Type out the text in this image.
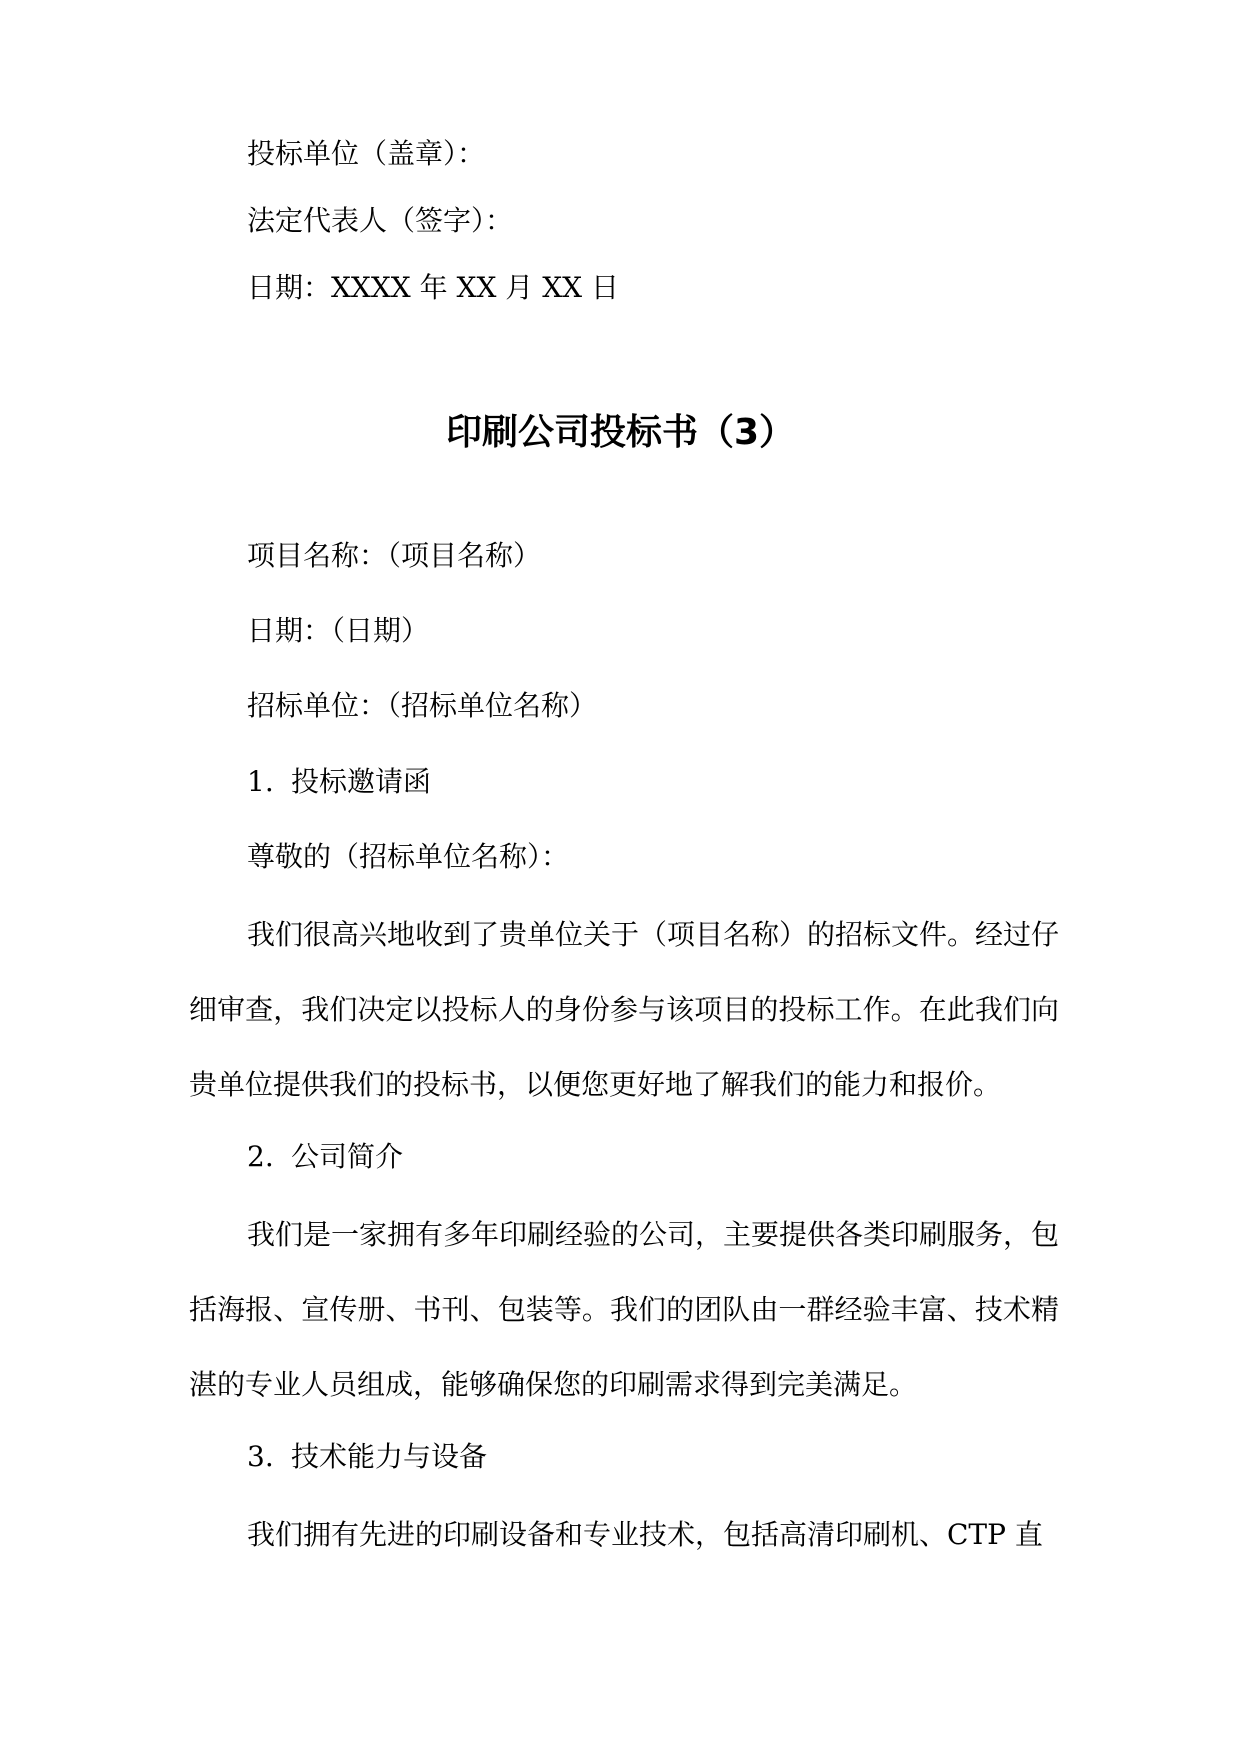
投标单位（盖章）：

法定代表人（签字）：

日期：XXXX 年 XX 月 XX 日

印刷公司投标书（3）

项目名称：（项目名称）

日期：（日期）

招标单位：（招标单位名称）

1. 投标邀请函

尊敬的（招标单位名称）：

我们很高兴地收到了贵单位关于（项目名称）的招标文件。经过仔细审查，我们决定以投标人的身份参与该项目的投标工作。在此我们向贵单位提供我们的投标书，以便您更好地了解我们的能力和报价。

2. 公司简介

我们是一家拥有多年印刷经验的公司，主要提供各类印刷服务，包括海报、宣传册、书刊、包装等。我们的团队由一群经验丰富、技术精湛的专业人员组成，能够确保您的印刷需求得到完美满足。

3. 技术能力与设备

我们拥有先进的印刷设备和专业技术，包括高清印刷机、CTP 直
